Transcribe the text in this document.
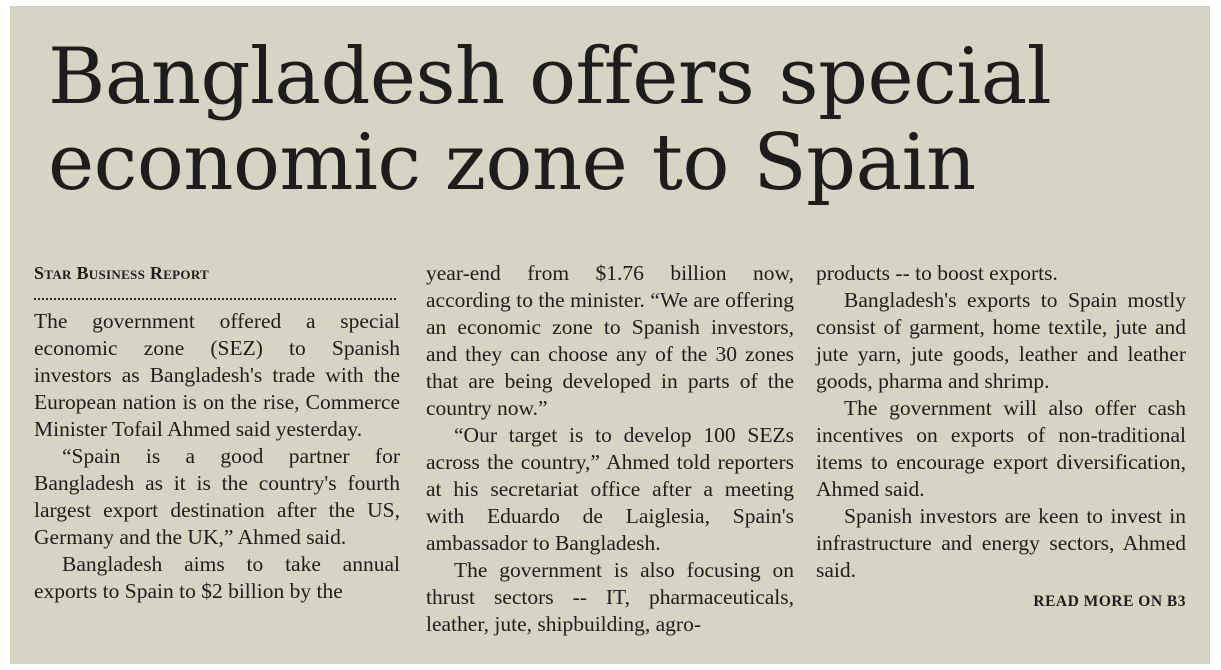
Bangladesh offers special economic zone to Spain
Star Business Report

The government offered a special economic zone (SEZ) to Spanish investors as Bangladesh's trade with the European nation is on the rise, Commerce Minister Tofail Ahmed said yesterday.

“Spain is a good partner for Bangladesh as it is the country's fourth largest export destination after the US, Germany and the UK,” Ahmed said.

Bangladesh aims to take annual exports to Spain to $2 billion by the

year-end from $1.76 billion now, according to the minister. “We are offering an economic zone to Spanish investors, and they can choose any of the 30 zones that are being developed in parts of the country now.”

“Our target is to develop 100 SEZs across the country,” Ahmed told reporters at his secretariat office after a meeting with Eduardo de Laiglesia, Spain's ambassador to Bangladesh.

The government is also focusing on thrust sectors -- IT, pharmaceuticals, leather, jute, shipbuilding, agro-

products -- to boost exports.

Bangladesh's exports to Spain mostly consist of garment, home textile, jute and jute yarn, jute goods, leather and leather goods, pharma and shrimp.

The government will also offer cash incentives on exports of non-traditional items to encourage export diversification, Ahmed said.

Spanish investors are keen to invest in infrastructure and energy sectors, Ahmed said.

READ MORE ON B3
